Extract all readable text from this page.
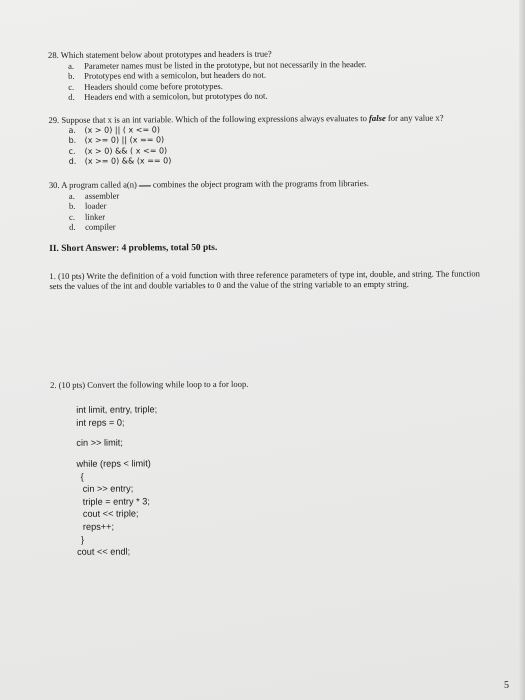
28. Which statement below about prototypes and headers is true?

a.	Parameter names must be listed in the prototype, but not necessarily in the header.
b.	Prototypes end with a semicolon, but headers do not.
c.	Headers should come before prototypes.
d.	Headers end with a semicolon, but prototypes do not.

29. Suppose that x is an int variable. Which of the following expressions always evaluates to false for any value x?

a.	(x > 0) || ( x <= 0)
b.	(x >= 0) || (x == 0)
c.	(x > 0) && ( x <= 0)
d.	(x >= 0) && (x == 0)

30. A program called a(n) combines the object program with the programs from libraries.

a.	assembler
b.	loader
c.	linker
d.	compiler

II. Short Answer: 4 problems, total 50 pts.

1. (10 pts) Write the definition of a void function with three reference parameters of type int, double, and string. The function sets the values of the int and double variables to 0 and the value of the string variable to an empty string.

2. (10 pts) Convert the following while loop to a for loop.

int limit, entry, triple;
int reps = 0;
cin >> limit;
while (reps < limit)
{
cin >> entry;
triple = entry * 3;
cout << triple;
reps++;
}
cout << endl;
5
